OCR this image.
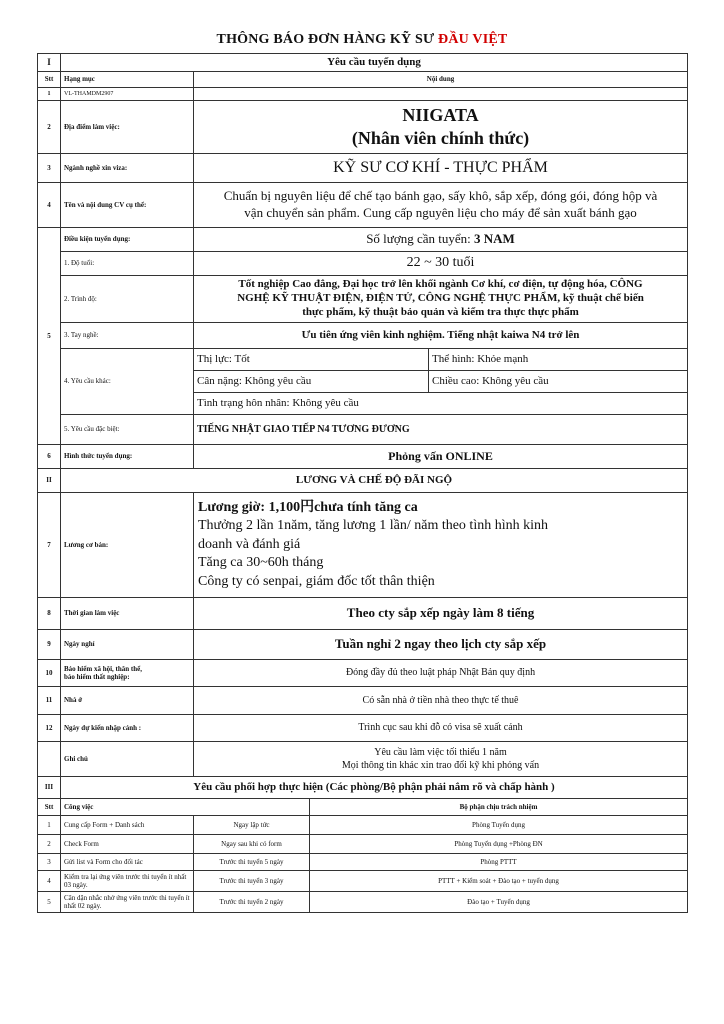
THÔNG BÁO ĐƠN HÀNG KỸ SƯ ĐẦU VIỆT
I	Yêu cầu tuyển dụng			
Stt	Hạng mục	Nội dung		
1	VL-THAMDM2907			
2	Địa điểm làm việc:	NIIGATA
(Nhân viên chính thức)		

3	Ngành nghề xin viza:	KỸ SƯ CƠ KHÍ - THỰC PHẨM		
4	Tên và nội dung CV cụ thể:	Chuẩn bị nguyên liệu để chế tạo bánh gạo, sấy khô, sắp xếp, đóng gói, đóng hộp và
vận chuyển sản phẩm. Cung cấp nguyên liệu cho máy để sản xuất bánh gạo		

5	Điều kiện tuyển dụng:	Số lượng cần tuyển: 3 NAM		
	1. Độ tuổi:	22 ~ 30 tuổi		
	2. Trình độ:	Tốt nghiệp Cao đẳng, Đại học trở lên khối ngành Cơ khí, cơ điện, tự động hóa, CÔNG
NGHỆ KỸ THUẬT ĐIỆN, ĐIỆN TỬ, CÔNG NGHỆ THỰC PHẨM, kỹ thuật chế biến
thực phẩm, kỹ thuật bảo quản và kiểm tra thực thực phẩm		

	3. Tay nghề:	Ưu tiên ứng viên kinh nghiệm. Tiếng nhật kaiwa N4 trở lên		
	4. Yêu cầu khác:	Thị lực: Tốt		Thể hình: Khỏe mạnh
		Cân nặng: Không yêu cầu		Chiều cao: Không yêu cầu
		Tình trạng hôn nhân: Không yêu cầu		
	5. Yêu cầu đặc biệt:	TIẾNG NHẬT GIAO TIẾP N4 TƯƠNG ĐƯƠNG		
6	Hình thức tuyển dụng:	Phỏng vấn ONLINE		
II	LƯƠNG VÀ CHẾ ĐỘ ĐÃI NGỘ			
7	Lương cơ bản:	Lương giờ: 1,100円chưa tính tăng ca
Thưởng 2 lần 1năm, tăng lương 1 lần/ năm theo tình hình kinh
doanh và đánh giá
Tăng ca 30~60h tháng
Công ty có senpai, giám đốc tốt thân thiện		

8	Thời gian làm việc	Theo cty sắp xếp ngày làm 8 tiếng		
9	Ngày nghỉ	Tuần nghỉ 2 ngay theo lịch cty sắp xếp		
10	Bảo hiểm xã hội, thân thể,
bảo hiểm thất nghiệp:	Đóng đầy đủ theo luật pháp Nhật Bản quy định		
11	Nhà ở	Có sẵn nhà ở tiền nhà theo thực tế thuê		
12	Ngày dự kiến nhập cảnh :	Trình cục sau khi đỗ có visa sẽ xuất cảnh		
	Ghi chú	Yêu cầu làm việc tối thiểu 1 năm
Mọi thông tin khác xin trao đổi kỹ khi phỏng vấn		

III	Yêu cầu phối hợp thực hiện (Các phòng/Bộ phận phải nắm rõ và chấp hành )			
Stt	Công việc		Bộ phận chịu trách nhiệm	
1	Cung cấp Form + Danh sách	Ngay lập tức	Phòng Tuyển dụng	
2	Check Form	Ngay sau khi có form	Phòng Tuyển dụng +Phòng ĐN	
3	Gửi list và Form cho đối tác	Trước thi tuyển 5 ngày	Phòng PTTT	
4	Kiểm tra lại ứng viên trước thi tuyển ít nhất 03 ngày.	Trước thi tuyển 3 ngày	PTTT + Kiểm soát + Đào tạo + tuyển dụng	
5	Cân dặn nhắc nhở ứng viên trước thi tuyển ít nhất 02 ngày.	Trước thi tuyển 2 ngày	Đào tạo + Tuyển dụng	
